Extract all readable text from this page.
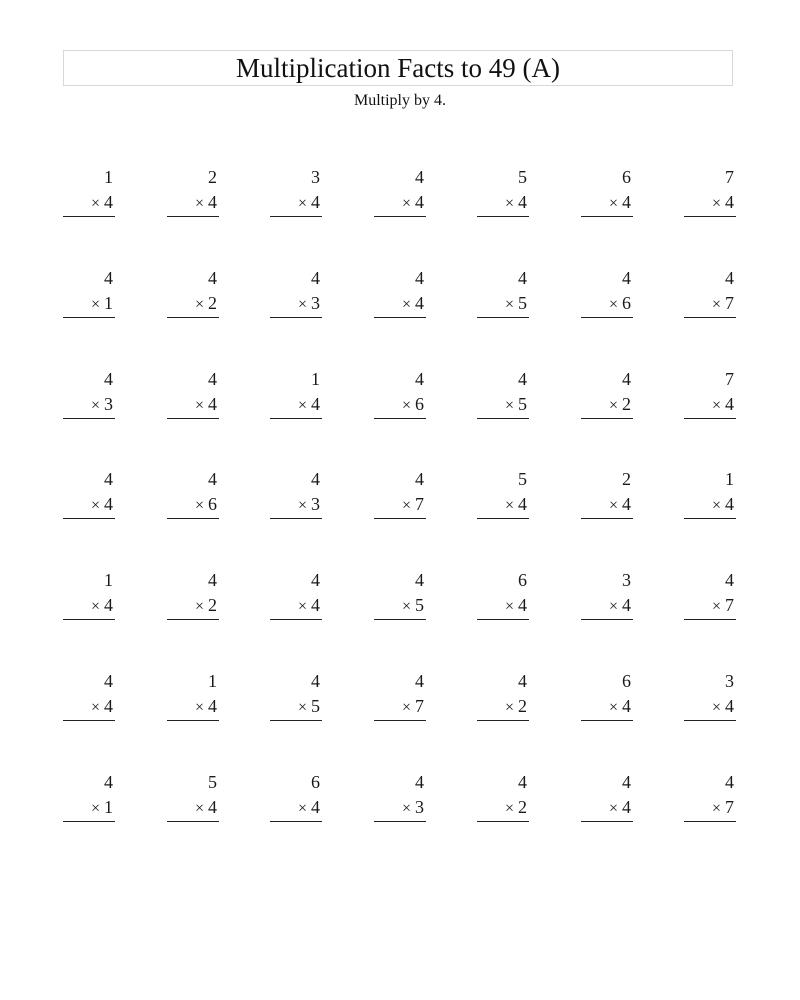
Multiplication Facts to 49 (A)
Multiply by 4.
1
× 4
2
× 4
3
× 4
4
× 4
5
× 4
6
× 4
7
× 4
4
× 1
4
× 2
4
× 3
4
× 4
4
× 5
4
× 6
4
× 7
4
× 3
4
× 4
1
× 4
4
× 6
4
× 5
4
× 2
7
× 4
4
× 4
4
× 6
4
× 3
4
× 7
5
× 4
2
× 4
1
× 4
1
× 4
4
× 2
4
× 4
4
× 5
6
× 4
3
× 4
4
× 7
4
× 4
1
× 4
4
× 5
4
× 7
4
× 2
6
× 4
3
× 4
4
× 1
5
× 4
6
× 4
4
× 3
4
× 2
4
× 4
4
× 7
